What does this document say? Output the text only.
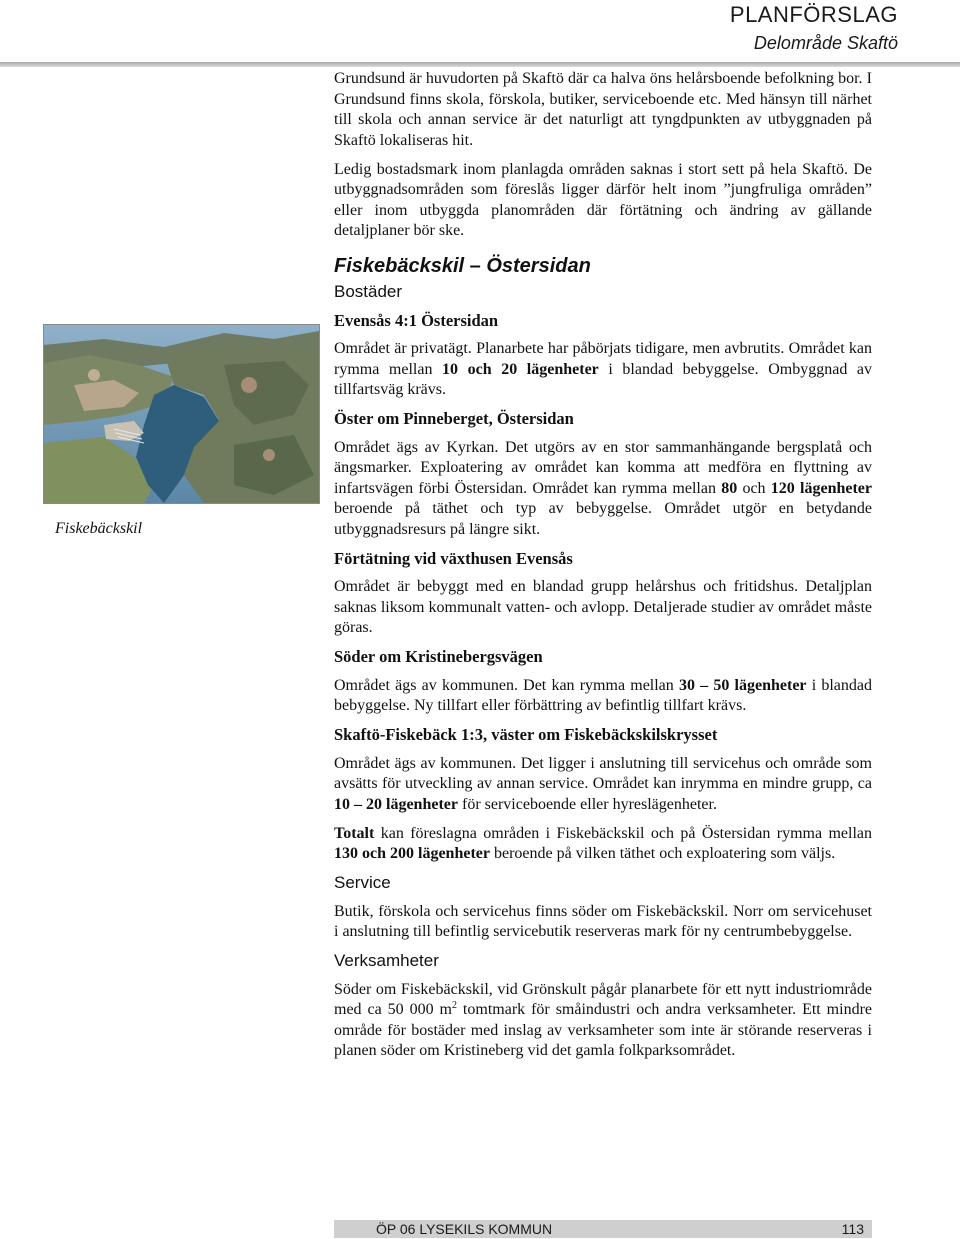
PLANFÖRSLAG
Delområde Skaftö
Fiskebäckskil

Grundsund är huvudorten på Skaftö där ca halva öns helårsboende befolkning bor. I Grundsund finns skola, förskola, butiker, serviceboende etc. Med hänsyn till närhet till skola och annan service är det naturligt att tyngdpunkten av utbyggnaden på Skaftö lokaliseras hit.

Ledig bostadsmark inom planlagda områden saknas i stort sett på hela Skaftö. De utbyggnadsområden som föreslås ligger därför helt inom ”jungfruliga områden” eller inom utbyggda planområden där förtätning och ändring av gällande detaljplaner bör ske.

Fiskebäckskil – Östersidan
Bostäder
Evensås 4:1 Östersidan

Området är privatägt. Planarbete har påbörjats tidigare, men avbrutits. Området kan rymma mellan 10 och 20 lägenheter i blandad bebyggelse. Ombyggnad av tillfartsväg krävs.

Öster om Pinneberget, Östersidan

Området ägs av Kyrkan. Det utgörs av en stor sammanhängande bergsplatå och ängsmarker. Exploatering av området kan komma att medföra en flyttning av infartsvägen förbi Östersidan. Området kan rymma mellan 80 och 120 lägenheter beroende på täthet och typ av bebyggelse. Området utgör en betydande utbyggnadsresurs på längre sikt.

Förtätning vid växthusen Evensås

Området är bebyggt med en blandad grupp helårshus och fritidshus. Detaljplan saknas liksom kommunalt vatten- och avlopp. Detaljerade studier av området måste göras.

Söder om Kristinebergsvägen

Området ägs av kommunen. Det kan rymma mellan 30 – 50 lägenheter i blandad bebyggelse. Ny tillfart eller förbättring av befintlig tillfart krävs.

Skaftö-Fiskebäck 1:3, väster om Fiskebäckskilskrysset

Området ägs av kommunen. Det ligger i anslutning till servicehus och område som avsätts för utveckling av annan service. Området kan inrymma en mindre grupp, ca 10 – 20 lägenheter för serviceboende eller hyreslägenheter.

Totalt kan föreslagna områden i Fiskebäckskil och på Östersidan rymma mellan 130 och 200 lägenheter beroende på vilken täthet och exploatering som väljs.

Service

Butik, förskola och servicehus finns söder om Fiskebäckskil. Norr om servicehuset i anslutning till befintlig servicebutik reserveras mark för ny centrumbebyggelse.

Verksamheter

Söder om Fiskebäckskil, vid Grönskult pågår planarbete för ett nytt industriområde med ca 50 000 $m^2$ tomtmark för småindustri och andra verksamheter. Ett mindre område för bostäder med inslag av verksamheter som inte är störande reserveras i planen söder om Kristineberg vid det gamla folkparksområdet.

ÖP 06 LYSEKILS KOMMUN	113
